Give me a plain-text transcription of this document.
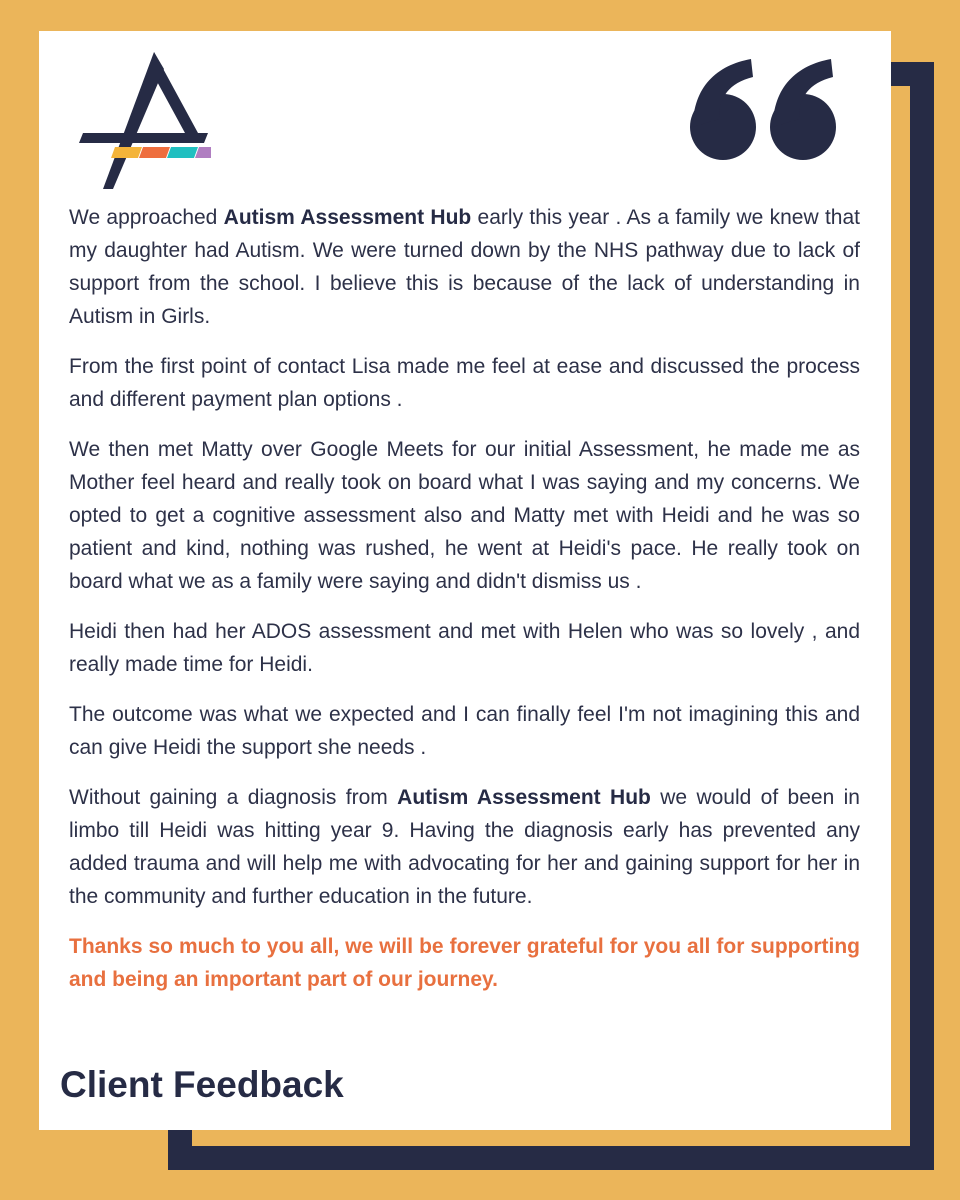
We approached Autism Assessment Hub early this year . As a family we knew that my daughter had Autism. We were turned down by the NHS pathway due to lack of support from the school. I believe this is because of the lack of understanding in Autism in Girls.

From the first point of contact Lisa made me feel at ease and discussed the process and different payment plan options .

We then met Matty over Google Meets for our initial Assessment, he made me as Mother feel heard and really took on board what I was saying and my concerns. We opted to get a cognitive assessment also and Matty met with Heidi and he was so patient and kind, nothing was rushed, he went at Heidi's pace. He really took on board what we as a family were saying and didn't dismiss us .

Heidi then had her ADOS assessment and met with Helen who was so lovely , and really made time for Heidi.

The outcome was what we expected and I can finally feel I'm not imagining this and can give Heidi the support she needs .

Without gaining a diagnosis from Autism Assessment Hub we would of been in limbo till Heidi was hitting year 9. Having the diagnosis early has prevented any added trauma and will help me with advocating for her and gaining support for her in the community and further education in the future.

Thanks so much to you all, we will be forever grateful for you all for supporting and being an important part of our journey.

Client Feedback
